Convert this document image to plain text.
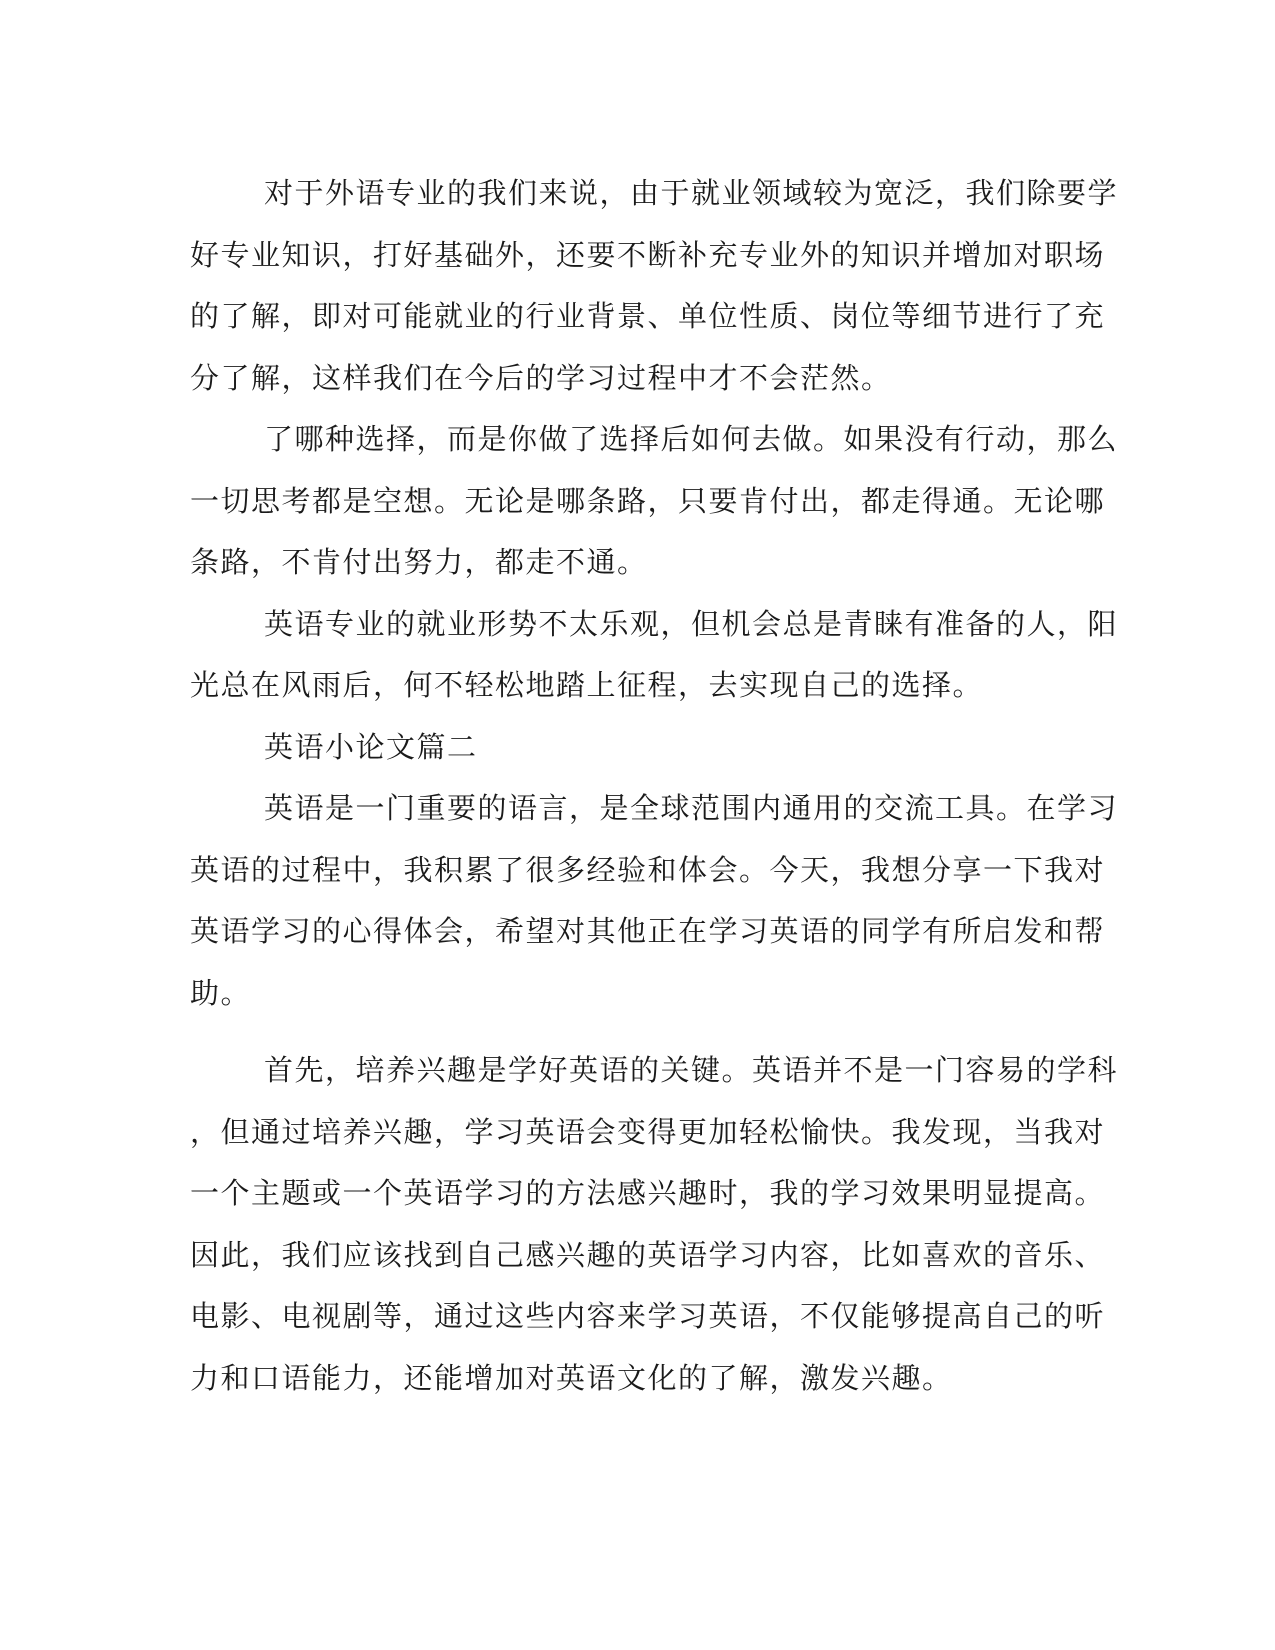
对于外语专业的我们来说，由于就业领域较为宽泛，我们除要学
好专业知识，打好基础外，还要不断补充专业外的知识并增加对职场
的了解，即对可能就业的行业背景、单位性质、岗位等细节进行了充
分了解，这样我们在今后的学习过程中才不会茫然。

了哪种选择，而是你做了选择后如何去做。如果没有行动，那么
一切思考都是空想。无论是哪条路，只要肯付出，都走得通。无论哪
条路，不肯付出努力，都走不通。

英语专业的就业形势不太乐观，但机会总是青睐有准备的人，阳
光总在风雨后，何不轻松地踏上征程，去实现自己的选择。

英语小论文篇二

英语是一门重要的语言，是全球范围内通用的交流工具。在学习
英语的过程中，我积累了很多经验和体会。今天，我想分享一下我对
英语学习的心得体会，希望对其他正在学习英语的同学有所启发和帮
助。

首先，培养兴趣是学好英语的关键。英语并不是一门容易的学科
，但通过培养兴趣，学习英语会变得更加轻松愉快。我发现，当我对
一个主题或一个英语学习的方法感兴趣时，我的学习效果明显提高。
因此，我们应该找到自己感兴趣的英语学习内容，比如喜欢的音乐、
电影、电视剧等，通过这些内容来学习英语，不仅能够提高自己的听
力和口语能力，还能增加对英语文化的了解，激发兴趣。
